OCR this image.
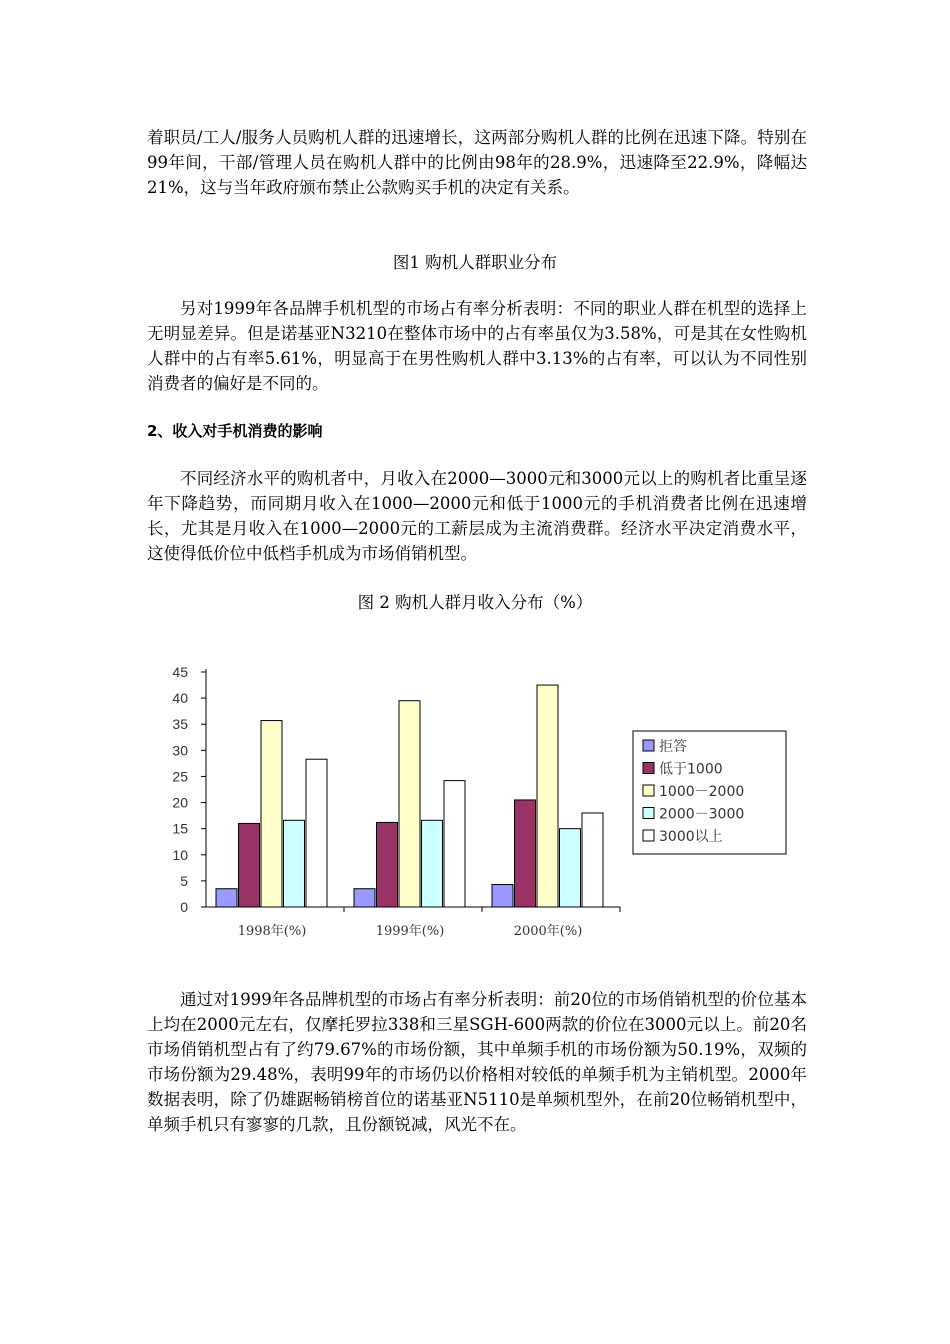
着职员/工人/服务人员购机人群的迅速增长，这两部分购机人群的比例在迅速下降。特别在99年间，干部/管理人员在购机人群中的比例由98年的28.9%，迅速降至22.9%，降幅达21%，这与当年政府颁布禁止公款购买手机的决定有关系。

图1 购机人群职业分布

另对1999年各品牌手机机型的市场占有率分析表明：不同的职业人群在机型的选择上无明显差异。但是诺基亚N3210在整体市场中的占有率虽仅为3.58%，可是其在女性购机人群中的占有率5.61%，明显高于在男性购机人群中3.13%的占有率，可以认为不同性别消费者的偏好是不同的。

2、收入对手机消费的影响

不同经济水平的购机者中，月收入在2000—3000元和3000元以上的购机者比重呈逐年下降趋势，而同期月收入在1000—2000元和低于1000元的手机消费者比例在迅速增长，尤其是月收入在1000—2000元的工薪层成为主流消费群。经济水平决定消费水平，这使得低价位中低档手机成为市场俏销机型。

图 2 购机人群月收入分布（%）

0
5
10
15
20
25
30
35
40
45
1998年(%)	1999年(%)	2000年(%)
拒答
低于1000
1000－2000
2000－3000
3000以上

通过对1999年各品牌机型的市场占有率分析表明：前20位的市场俏销机型的价位基本上均在2000元左右，仅摩托罗拉338和三星SGH-600两款的价位在3000元以上。前20名市场俏销机型占有了约79.67%的市场份额，其中单频手机的市场份额为50.19%，双频的市场份额为29.48%，表明99年的市场仍以价格相对较低的单频手机为主销机型。2000年数据表明，除了仍雄踞畅销榜首位的诺基亚N5110是单频机型外，在前20位畅销机型中，单频手机只有寥寥的几款，且份额锐减，风光不在。
